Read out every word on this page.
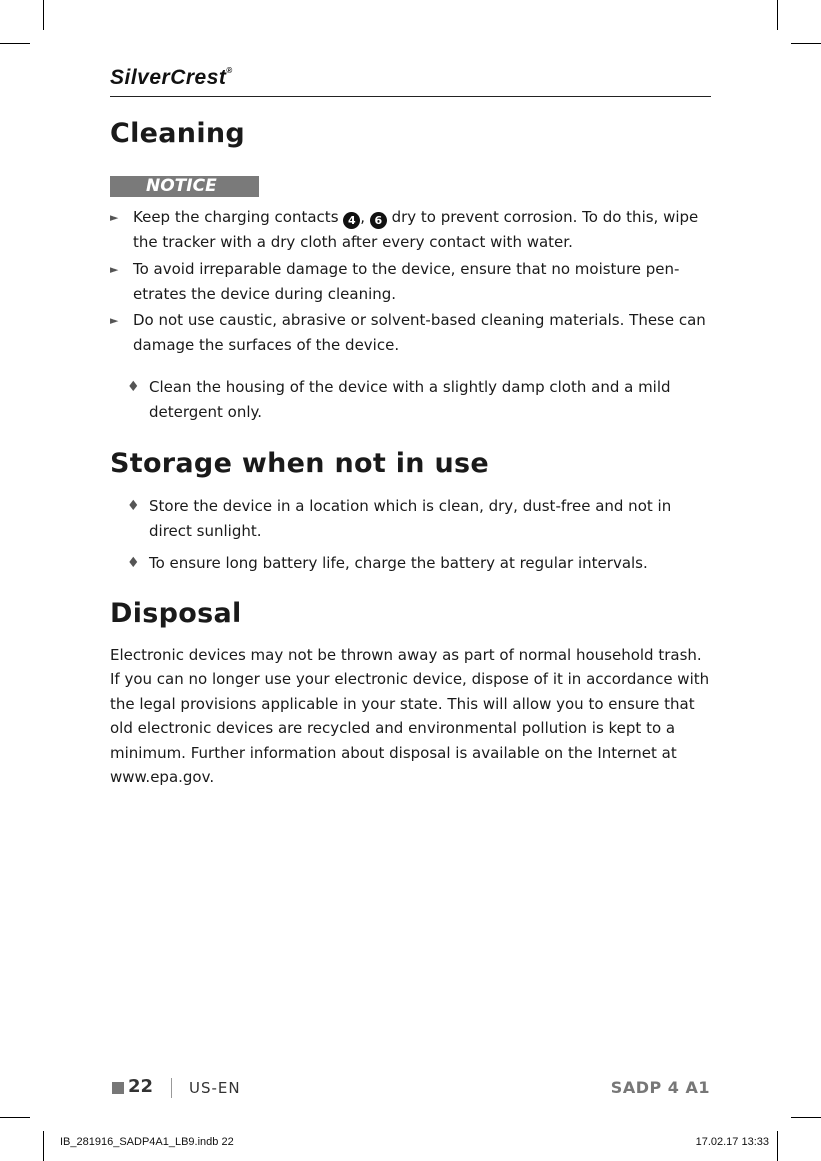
SilverCrest®
Cleaning
NOTICE

► Keep the charging contacts 4 , 6 dry to prevent corrosion. To do this, wipe the tracker with a dry cloth after every contact with water.

► To avoid irreparable damage to the device, ensure that no moisture pen-etrates the device during cleaning.

► Do not use caustic, abrasive or solvent-based cleaning materials. These can damage the surfaces of the device.

♦ Clean the housing of the device with a slightly damp cloth and a mild detergent only.

Storage when not in use

♦ Store the device in a location which is clean, dry, dust-free and not in direct sunlight.

♦ To ensure long battery life, charge the battery at regular intervals.

Disposal

Electronic devices may not be thrown away as part of normal household trash. If you can no longer use your electronic device, dispose of it in accordance with the legal provisions applicable in your state. This will allow you to ensure that old electronic devices are recycled and environmental pollution is kept to a minimum. Further information about disposal is available on the Internet at www.epa.gov.

22 US-EN	SADP 4 A1
IB_281916_SADP4A1_LB9.indb 22	17.02.17 13:33
